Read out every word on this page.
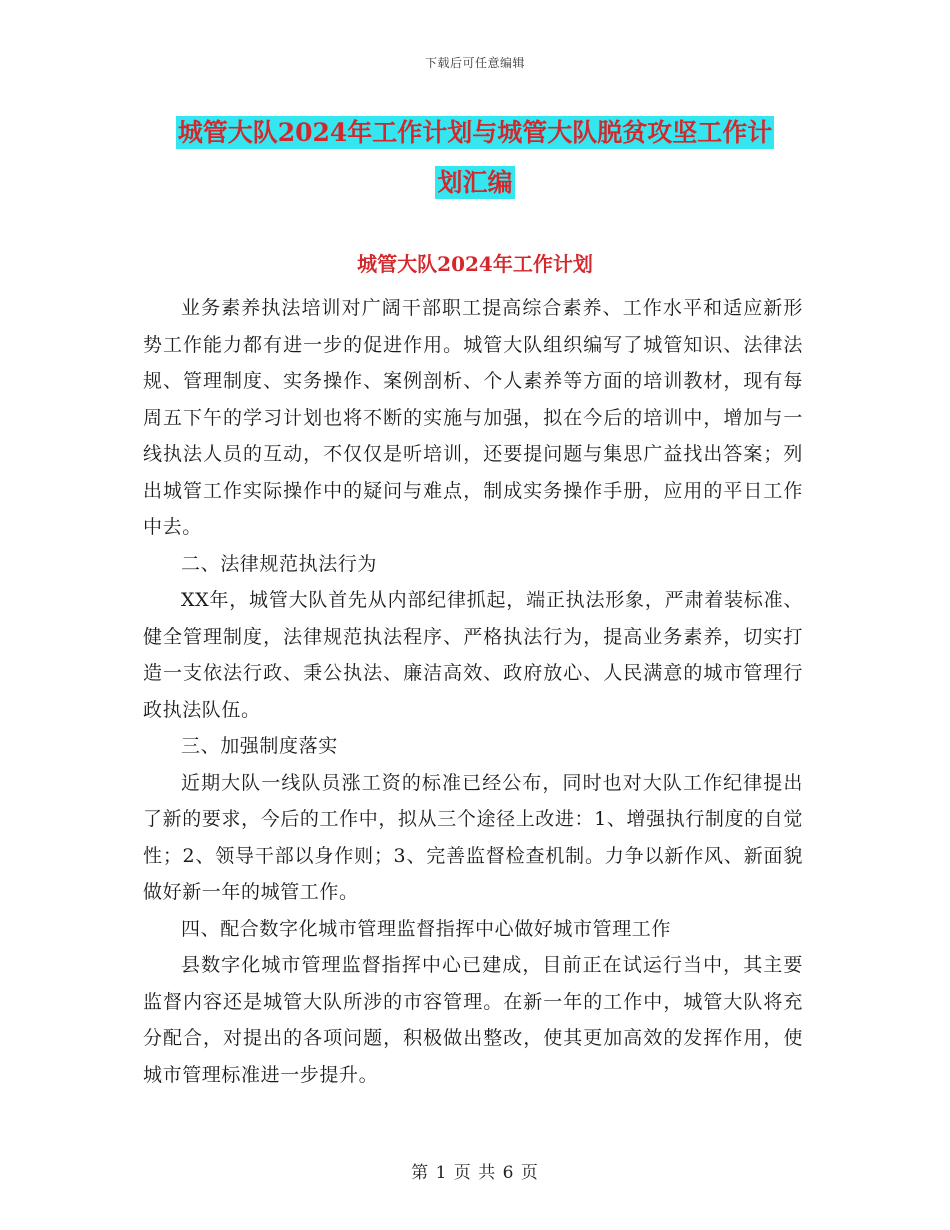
下载后可任意编辑
城管大队2024年工作计划与城管大队脱贫攻坚工作计
划汇编
城管大队2024年工作计划

业务素养执法培训对广阔干部职工提高综合素养、工作水平和适应新形势工作能力都有进一步的促进作用。城管大队组织编写了城管知识、法律法规、管理制度、实务操作、案例剖析、个人素养等方面的培训教材，现有每周五下午的学习计划也将不断的实施与加强，拟在今后的培训中，增加与一线执法人员的互动，不仅仅是听培训，还要提问题与集思广益找出答案；列出城管工作实际操作中的疑问与难点，制成实务操作手册，应用的平日工作中去。

二、法律规范执法行为

XX年，城管大队首先从内部纪律抓起，端正执法形象，严肃着装标准、健全管理制度，法律规范执法程序、严格执法行为，提高业务素养，切实打造一支依法行政、秉公执法、廉洁高效、政府放心、人民满意的城市管理行政执法队伍。

三、加强制度落实

近期大队一线队员涨工资的标准已经公布，同时也对大队工作纪律提出了新的要求，今后的工作中，拟从三个途径上改进：1、增强执行制度的自觉性；2、领导干部以身作则；3、完善监督检查机制。力争以新作风、新面貌做好新一年的城管工作。

四、配合数字化城市管理监督指挥中心做好城市管理工作

县数字化城市管理监督指挥中心已建成，目前正在试运行当中，其主要监督内容还是城管大队所涉的市容管理。在新一年的工作中，城管大队将充分配合，对提出的各项问题，积极做出整改，使其更加高效的发挥作用，使城市管理标准进一步提升。

第 1 页 共 6 页
